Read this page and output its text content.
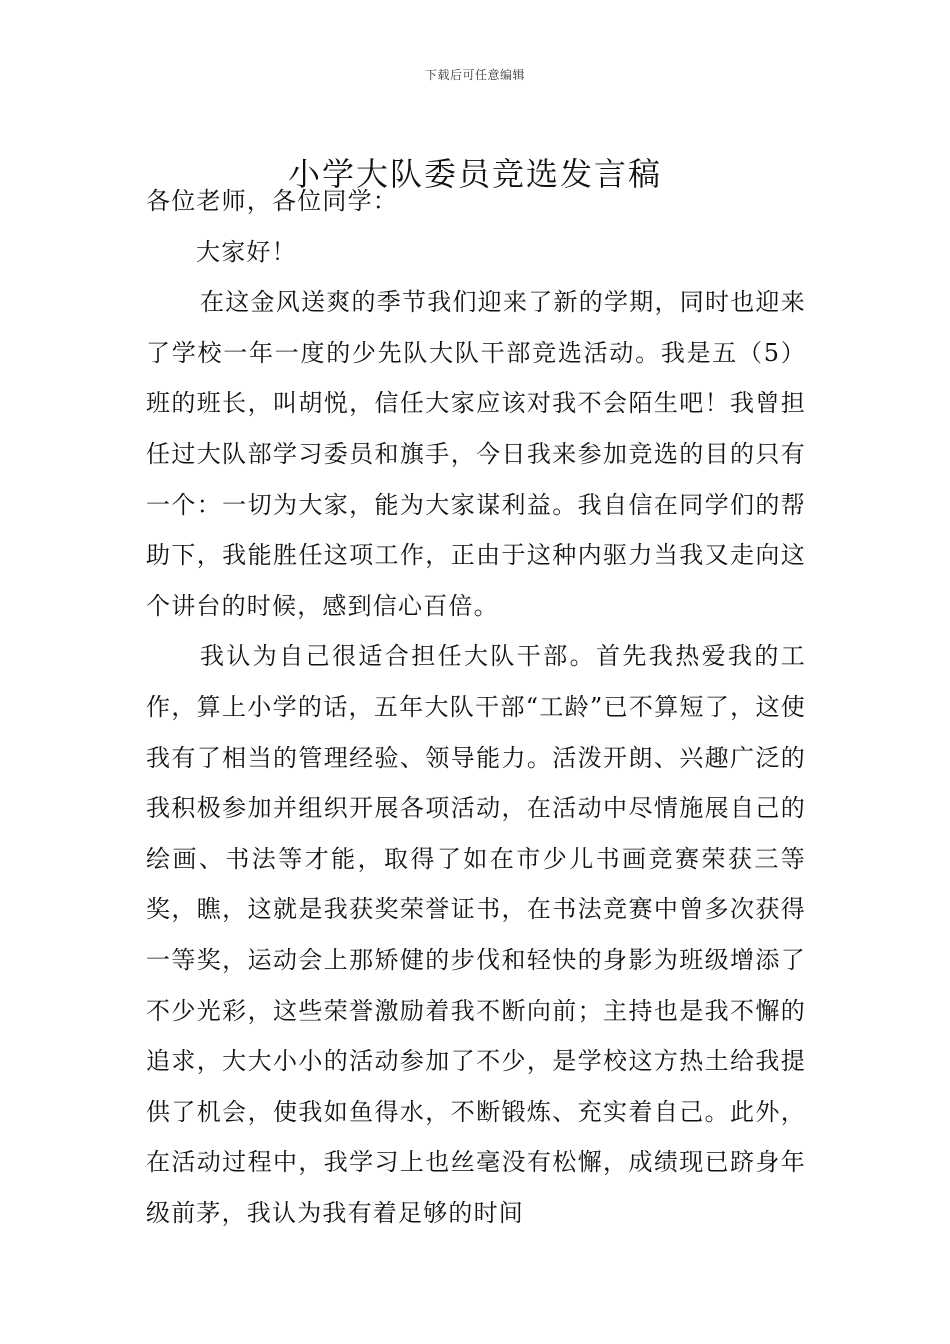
下载后可任意编辑
小学大队委员竞选发言稿

各位老师，各位同学：

大家好！

在这金风送爽的季节我们迎来了新的学期，同时也迎来了学校一年一度的少先队大队干部竞选活动。我是五（5）班的班长，叫胡悦，信任大家应该对我不会陌生吧！我曾担任过大队部学习委员和旗手，今日我来参加竞选的目的只有一个：一切为大家，能为大家谋利益。我自信在同学们的帮助下，我能胜任这项工作，正由于这种内驱力当我又走向这个讲台的时候，感到信心百倍。

我认为自己很适合担任大队干部。首先我热爱我的工作，算上小学的话，五年大队干部“工龄”已不算短了，这使我有了相当的管理经验、领导能力。活泼开朗、兴趣广泛的我积极参加并组织开展各项活动，在活动中尽情施展自己的绘画、书法等才能，取得了如在市少儿书画竞赛荣获三等奖，瞧，这就是我获奖荣誉证书，在书法竞赛中曾多次获得一等奖，运动会上那矫健的步伐和轻快的身影为班级增添了不少光彩，这些荣誉激励着我不断向前；主持也是我不懈的追求，大大小小的活动参加了不少，是学校这方热土给我提供了机会，使我如鱼得水，不断锻炼、充实着自己。此外，在活动过程中，我学习上也丝毫没有松懈，成绩现已跻身年级前茅，我认为我有着足够的时间
